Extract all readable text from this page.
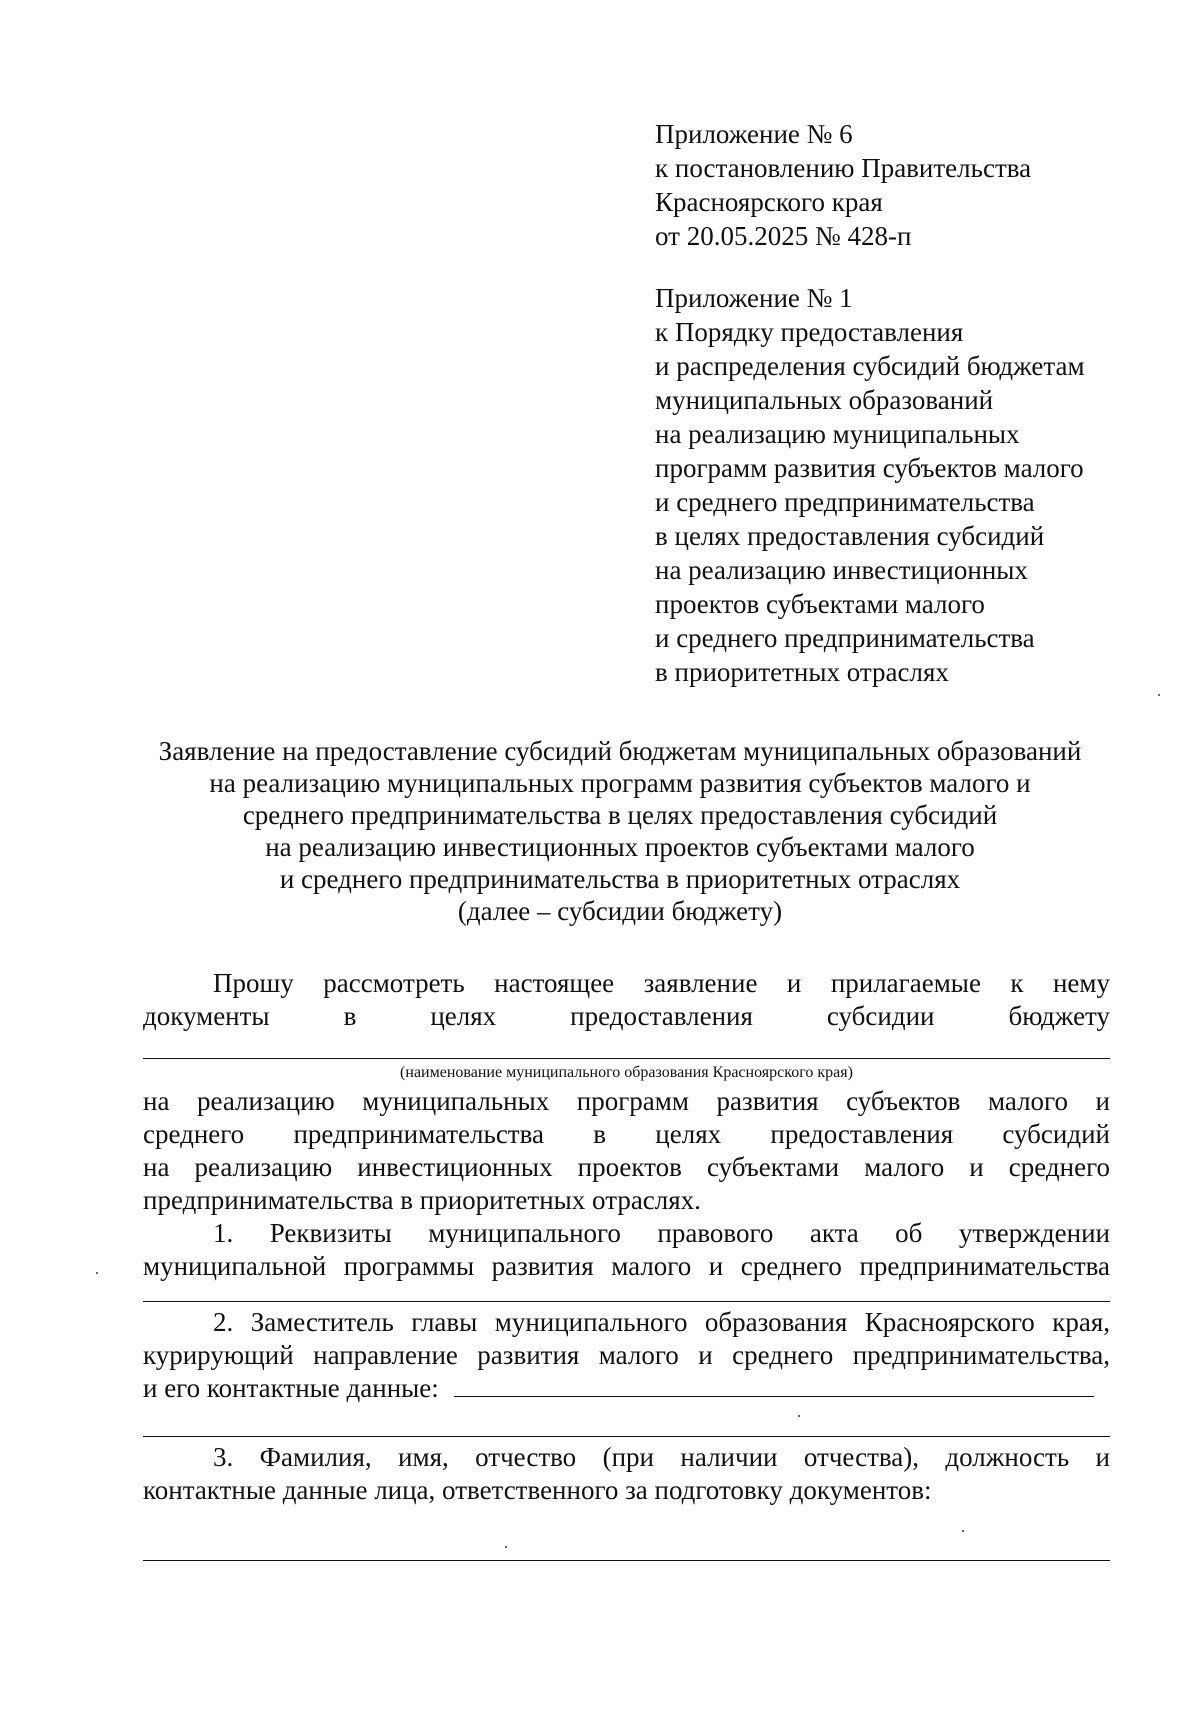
Приложение № 6
к постановлению Правительства
Красноярского края
от 20.05.2025 № 428-п
Приложение № 1
к Порядку предоставления
и распределения субсидий бюджетам
муниципальных образований
на реализацию муниципальных
программ развития субъектов малого
и среднего предпринимательства
в целях предоставления субсидий
на реализацию инвестиционных
проектов субъектами малого
и среднего предпринимательства
в приоритетных отраслях
Заявление на предоставление субсидий бюджетам муниципальных образований
на реализацию муниципальных программ развития субъектов малого и
среднего предпринимательства в целях предоставления субсидий
на реализацию инвестиционных проектов субъектами малого
и среднего предпринимательства в приоритетных отраслях
(далее – субсидии бюджету)
Прошу рассмотреть настоящее заявление и прилагаемые к нему
документы в целях предоставления субсидии бюджету
(наименование муниципального образования Красноярского края)
на реализацию муниципальных программ развития субъектов малого и
среднего предпринимательства в целях предоставления субсидий
на реализацию инвестиционных проектов субъектами малого и среднего
предпринимательства в приоритетных отраслях.
1. Реквизиты муниципального правового акта об утверждении
муниципальной программы развития малого и среднего предпринимательства
2. Заместитель главы муниципального образования Красноярского края,
курирующий направление развития малого и среднего предпринимательства,
и его контактные данные:
3. Фамилия, имя, отчество (при наличии отчества), должность и
контактные данные лица, ответственного за подготовку документов:
